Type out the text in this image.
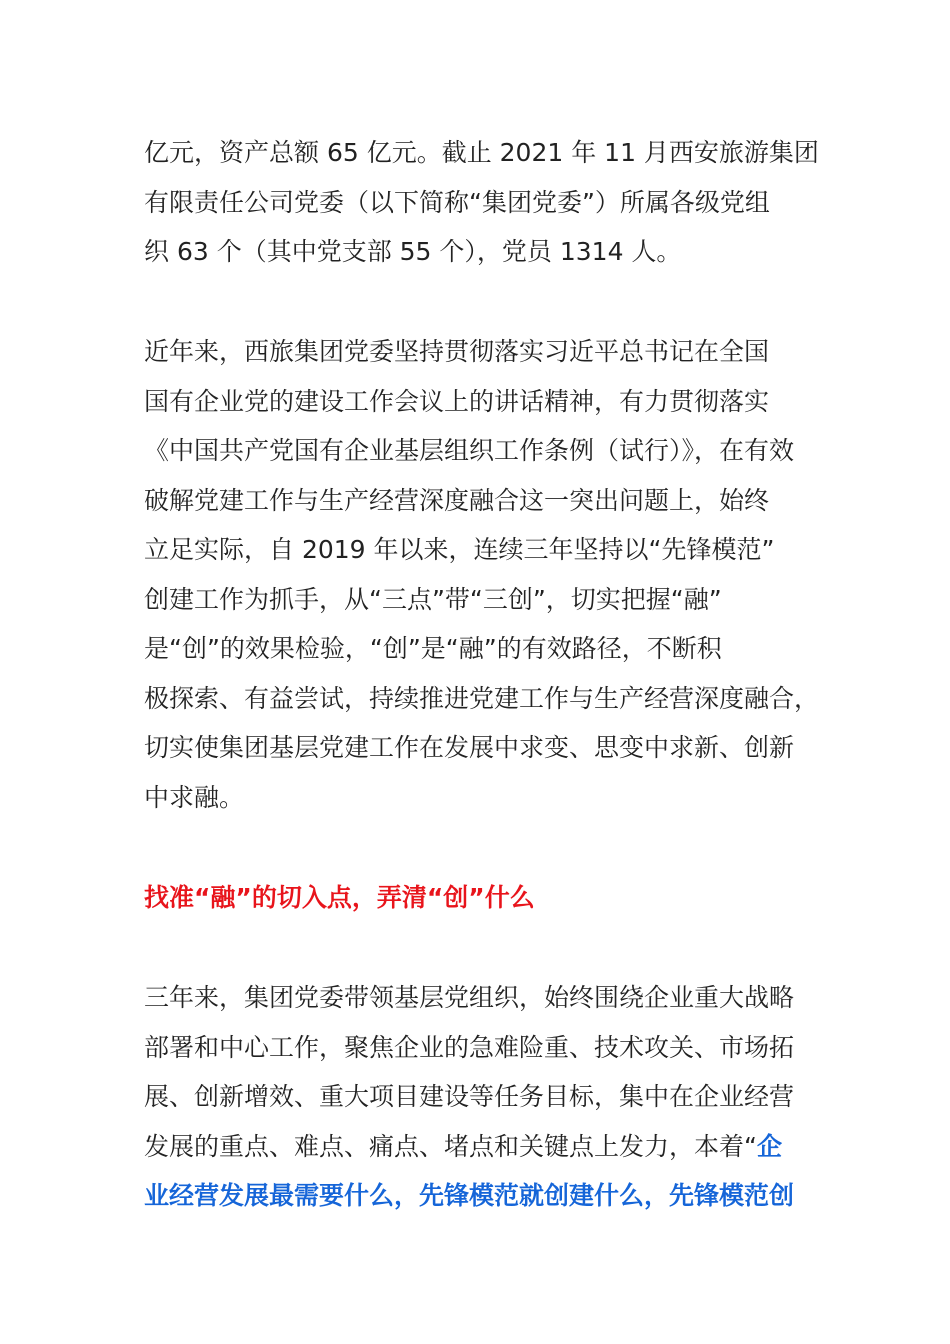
亿元，资产总额 65 亿元。截止 2021 年 11 月西安旅游集团
有限责任公司党委（以下简称“集团党委”）所属各级党组
织 63 个（其中党支部 55 个），党员 1314 人。

近年来，西旅集团党委坚持贯彻落实习近平总书记在全国
国有企业党的建设工作会议上的讲话精神，有力贯彻落实
《中国共产党国有企业基层组织工作条例（试行）》，在有效
破解党建工作与生产经营深度融合这一突出问题上，始终
立足实际，自 2019 年以来，连续三年坚持以“先锋模范”
创建工作为抓手，从“三点”带“三创”，切实把握“融”
是“创”的效果检验，“创”是“融”的有效路径，不断积
极探索、有益尝试，持续推进党建工作与生产经营深度融合，
切实使集团基层党建工作在发展中求变、思变中求新、创新
中求融。

找准“融”的切入点，弄清“创”什么

三年来，集团党委带领基层党组织，始终围绕企业重大战略
部署和中心工作，聚焦企业的急难险重、技术攻关、市场拓
展、创新增效、重大项目建设等任务目标，集中在企业经营
发展的重点、难点、痛点、堵点和关键点上发力，本着“企
业经营发展最需要什么，先锋模范就创建什么，先锋模范创
